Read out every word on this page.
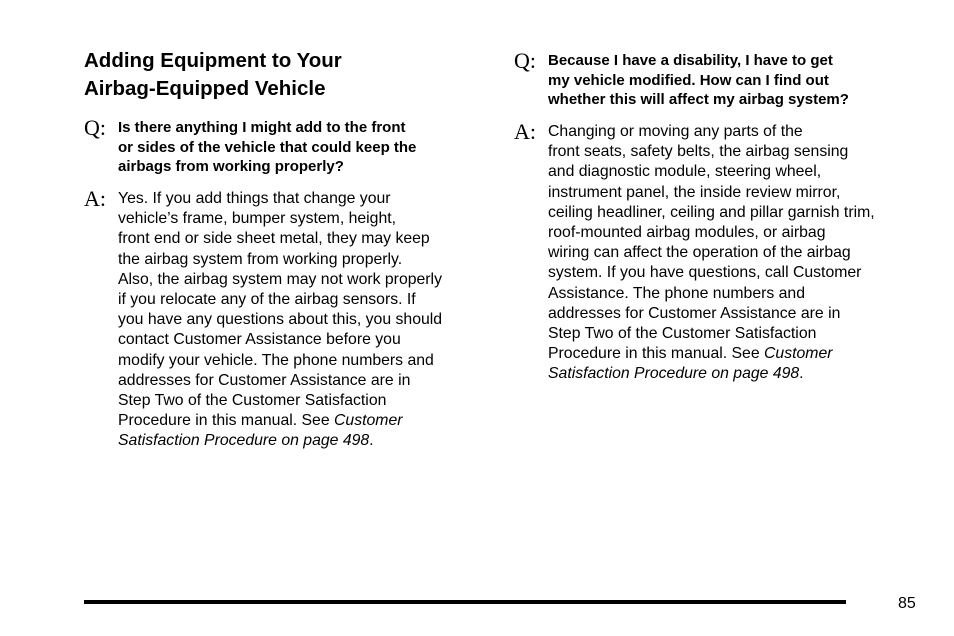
Adding Equipment to Your
Airbag-Equipped Vehicle
Q: Is there anything I might add to the front
or sides of the vehicle that could keep the
airbags from working properly?
A: Yes. If you add things that change your
vehicle’s frame, bumper system, height,
front end or side sheet metal, they may keep
the airbag system from working properly.
Also, the airbag system may not work properly
if you relocate any of the airbag sensors. If
you have any questions about this, you should
contact Customer Assistance before you
modify your vehicle. The phone numbers and
addresses for Customer Assistance are in
Step Two of the Customer Satisfaction
Procedure in this manual. See Customer
Satisfaction Procedure on page 498.
Q: Because I have a disability, I have to get
my vehicle modified. How can I find out
whether this will affect my airbag system?
A: Changing or moving any parts of the
front seats, safety belts, the airbag sensing
and diagnostic module, steering wheel,
instrument panel, the inside review mirror,
ceiling headliner, ceiling and pillar garnish trim,
roof-mounted airbag modules, or airbag
wiring can affect the operation of the airbag
system. If you have questions, call Customer
Assistance. The phone numbers and
addresses for Customer Assistance are in
Step Two of the Customer Satisfaction
Procedure in this manual. See Customer
Satisfaction Procedure on page 498.
85
